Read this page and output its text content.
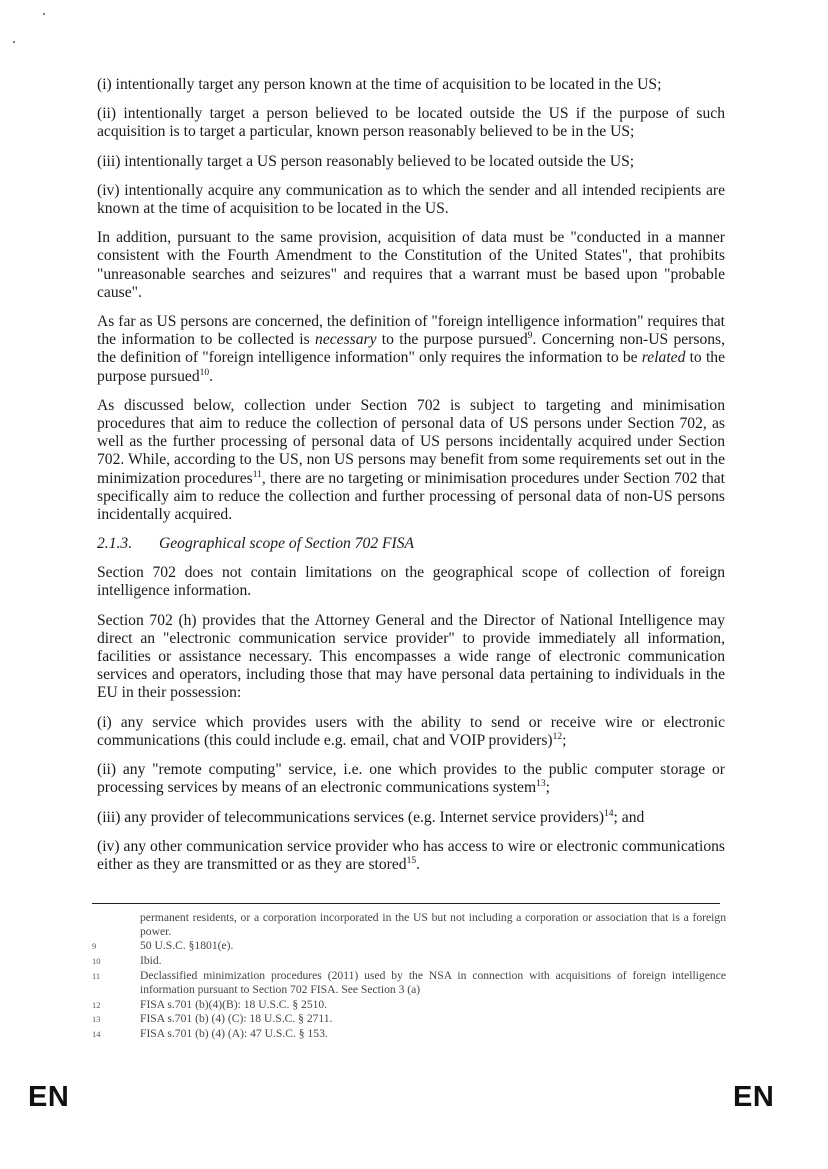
(i) intentionally target any person known at the time of acquisition to be located in the US;

(ii) intentionally target a person believed to be located outside the US if the purpose of such acquisition is to target a particular, known person reasonably believed to be in the US;

(iii) intentionally target a US person reasonably believed to be located outside the US;

(iv) intentionally acquire any communication as to which the sender and all intended recipients are known at the time of acquisition to be located in the US.

In addition, pursuant to the same provision, acquisition of data must be "conducted in a manner consistent with the Fourth Amendment to the Constitution of the United States", that prohibits "unreasonable searches and seizures" and requires that a warrant must be based upon "probable cause".

As far as US persons are concerned, the definition of "foreign intelligence information" requires that the information to be collected is necessary to the purpose pursued$^9$. Concerning non-US persons, the definition of "foreign intelligence information" only requires the information to be related to the purpose pursued$^{10}$.

As discussed below, collection under Section 702 is subject to targeting and minimisation procedures that aim to reduce the collection of personal data of US persons under Section 702, as well as the further processing of personal data of US persons incidentally acquired under Section 702. While, according to the US, non US persons may benefit from some requirements set out in the minimization procedures$^{11}$, there are no targeting or minimisation procedures under Section 702 that specifically aim to reduce the collection and further processing of personal data of non-US persons incidentally acquired.

2.1.3. Geographical scope of Section 702 FISA

Section 702 does not contain limitations on the geographical scope of collection of foreign intelligence information.

Section 702 (h) provides that the Attorney General and the Director of National Intelligence may direct an "electronic communication service provider" to provide immediately all information, facilities or assistance necessary. This encompasses a wide range of electronic communication services and operators, including those that may have personal data pertaining to individuals in the EU in their possession:

(i) any service which provides users with the ability to send or receive wire or electronic communications (this could include e.g. email, chat and VOIP providers)$^{12}$;

(ii) any "remote computing" service, i.e. one which provides to the public computer storage or processing services by means of an electronic communications system$^{13}$;

(iii) any provider of telecommunications services (e.g. Internet service providers)$^{14}$; and

(iv) any other communication service provider who has access to wire or electronic communications either as they are transmitted or as they are stored$^{15}$.

permanent residents, or a corporation incorporated in the US but not including a corporation or association that is a foreign power.
9	50 U.S.C. §1801(e).
10	Ibid.
11	Declassified minimization procedures (2011) used by the NSA in connection with acquisitions of foreign intelligence information pursuant to Section 702 FISA. See Section 3 (a)
12	FISA s.701 (b)(4)(B): 18 U.S.C. § 2510.
13	FISA s.701 (b) (4) (C): 18 U.S.C. § 2711.
14	FISA s.701 (b) (4) (A): 47 U.S.C. § 153.
EN	EN
